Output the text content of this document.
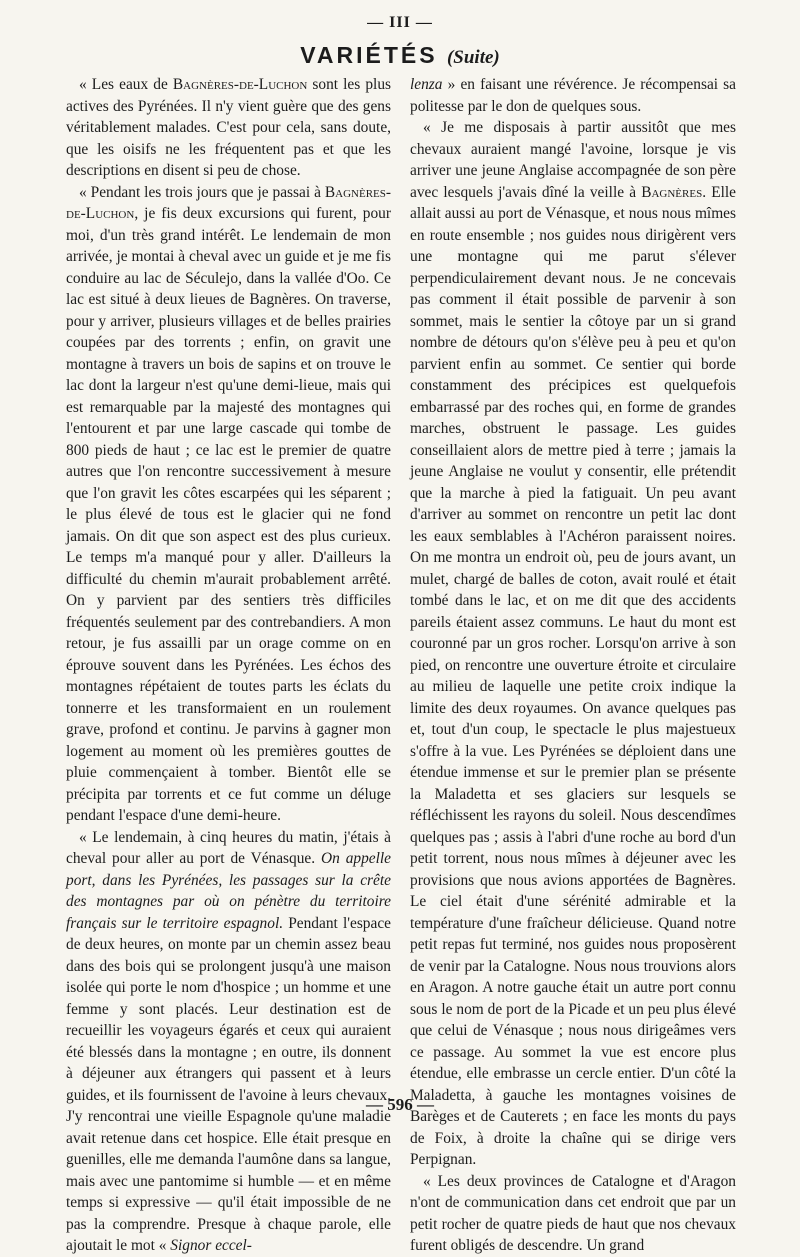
— III —
VARIÉTÉS (Suite)

« Les eaux de Bagnères-de-Luchon sont les plus actives des Pyrénées. Il n'y vient guère que des gens véritablement malades. C'est pour cela, sans doute, que les oisifs ne les fréquentent pas et que les descriptions en disent si peu de chose.

« Pendant les trois jours que je passai à Bagnères-de-Luchon, je fis deux excursions qui furent, pour moi, d'un très grand intérêt. Le lendemain de mon arrivée, je montai à cheval avec un guide et je me fis conduire au lac de Séculejo, dans la vallée d'Oo. Ce lac est situé à deux lieues de Bagnères. On traverse, pour y arriver, plusieurs villages et de belles prairies coupées par des torrents ; enfin, on gravit une montagne à travers un bois de sapins et on trouve le lac dont la largeur n'est qu'une demi-lieue, mais qui est remarquable par la majesté des montagnes qui l'entourent et par une large cascade qui tombe de 800 pieds de haut ; ce lac est le premier de quatre autres que l'on rencontre successivement à mesure que l'on gravit les côtes escarpées qui les séparent ; le plus élevé de tous est le glacier qui ne fond jamais. On dit que son aspect est des plus curieux. Le temps m'a manqué pour y aller. D'ailleurs la difficulté du chemin m'aurait probablement arrêté. On y parvient par des sentiers très difficiles fréquentés seulement par des contrebandiers. A mon retour, je fus assailli par un orage comme on en éprouve souvent dans les Pyrénées. Les échos des montagnes répétaient de toutes parts les éclats du tonnerre et les transformaient en un roulement grave, profond et continu. Je parvins à gagner mon logement au moment où les premières gouttes de pluie commençaient à tomber. Bientôt elle se précipita par torrents et ce fut comme un déluge pendant l'espace d'une demi-heure.

« Le lendemain, à cinq heures du matin, j'étais à cheval pour aller au port de Vénasque. On appelle port, dans les Pyrénées, les passages sur la crête des montagnes par où on pénètre du territoire français sur le territoire espagnol. Pendant l'espace de deux heures, on monte par un chemin assez beau dans des bois qui se prolongent jusqu'à une maison isolée qui porte le nom d'hospice ; un homme et une femme y sont placés. Leur destination est de recueillir les voyageurs égarés et ceux qui auraient été blessés dans la montagne ; en outre, ils donnent à déjeuner aux étrangers qui passent et à leurs guides, et ils fournissent de l'avoine à leurs chevaux. J'y rencontrai une vieille Espagnole qu'une maladie avait retenue dans cet hospice. Elle était presque en guenilles, elle me demanda l'aumône dans sa langue, mais avec une pantomime si humble — et en même temps si expressive — qu'il était impossible de ne pas la comprendre. Presque à chaque parole, elle ajoutait le mot « Signor eccel-

lenza » en faisant une révérence. Je récompensai sa politesse par le don de quelques sous.

« Je me disposais à partir aussitôt que mes chevaux auraient mangé l'avoine, lorsque je vis arriver une jeune Anglaise accompagnée de son père avec lesquels j'avais dîné la veille à Bagnères. Elle allait aussi au port de Vénasque, et nous nous mîmes en route ensemble ; nos guides nous dirigèrent vers une montagne qui me parut s'élever perpendiculairement devant nous. Je ne concevais pas comment il était possible de parvenir à son sommet, mais le sentier la côtoye par un si grand nombre de détours qu'on s'élève peu à peu et qu'on parvient enfin au sommet. Ce sentier qui borde constamment des précipices est quelquefois embarrassé par des roches qui, en forme de grandes marches, obstruent le passage. Les guides conseillaient alors de mettre pied à terre ; jamais la jeune Anglaise ne voulut y consentir, elle prétendit que la marche à pied la fatiguait. Un peu avant d'arriver au sommet on rencontre un petit lac dont les eaux semblables à l'Achéron paraissent noires. On me montra un endroit où, peu de jours avant, un mulet, chargé de balles de coton, avait roulé et était tombé dans le lac, et on me dit que des accidents pareils étaient assez communs. Le haut du mont est couronné par un gros rocher. Lorsqu'on arrive à son pied, on rencontre une ouverture étroite et circulaire au milieu de laquelle une petite croix indique la limite des deux royaumes. On avance quelques pas et, tout d'un coup, le spectacle le plus majestueux s'offre à la vue. Les Pyrénées se déploient dans une étendue immense et sur le premier plan se présente la Maladetta et ses glaciers sur lesquels se réfléchissent les rayons du soleil. Nous descendîmes quelques pas ; assis à l'abri d'une roche au bord d'un petit torrent, nous nous mîmes à déjeuner avec les provisions que nous avions apportées de Bagnères. Le ciel était d'une sérénité admirable et la température d'une fraîcheur délicieuse. Quand notre petit repas fut terminé, nos guides nous proposèrent de venir par la Catalogne. Nous nous trouvions alors en Aragon. A notre gauche était un autre port connu sous le nom de port de la Picade et un peu plus élevé que celui de Vénasque ; nous nous dirigeâmes vers ce passage. Au sommet la vue est encore plus étendue, elle embrasse un cercle entier. D'un côté la Maladetta, à gauche les montagnes voisines de Barèges et de Cauterets ; en face les monts du pays de Foix, à droite la chaîne qui se dirige vers Perpignan.

« Les deux provinces de Catalogne et d'Aragon n'ont de communication dans cet endroit que par un petit rocher de quatre pieds de haut que nos chevaux furent obligés de descendre. Un grand

— 596 —
